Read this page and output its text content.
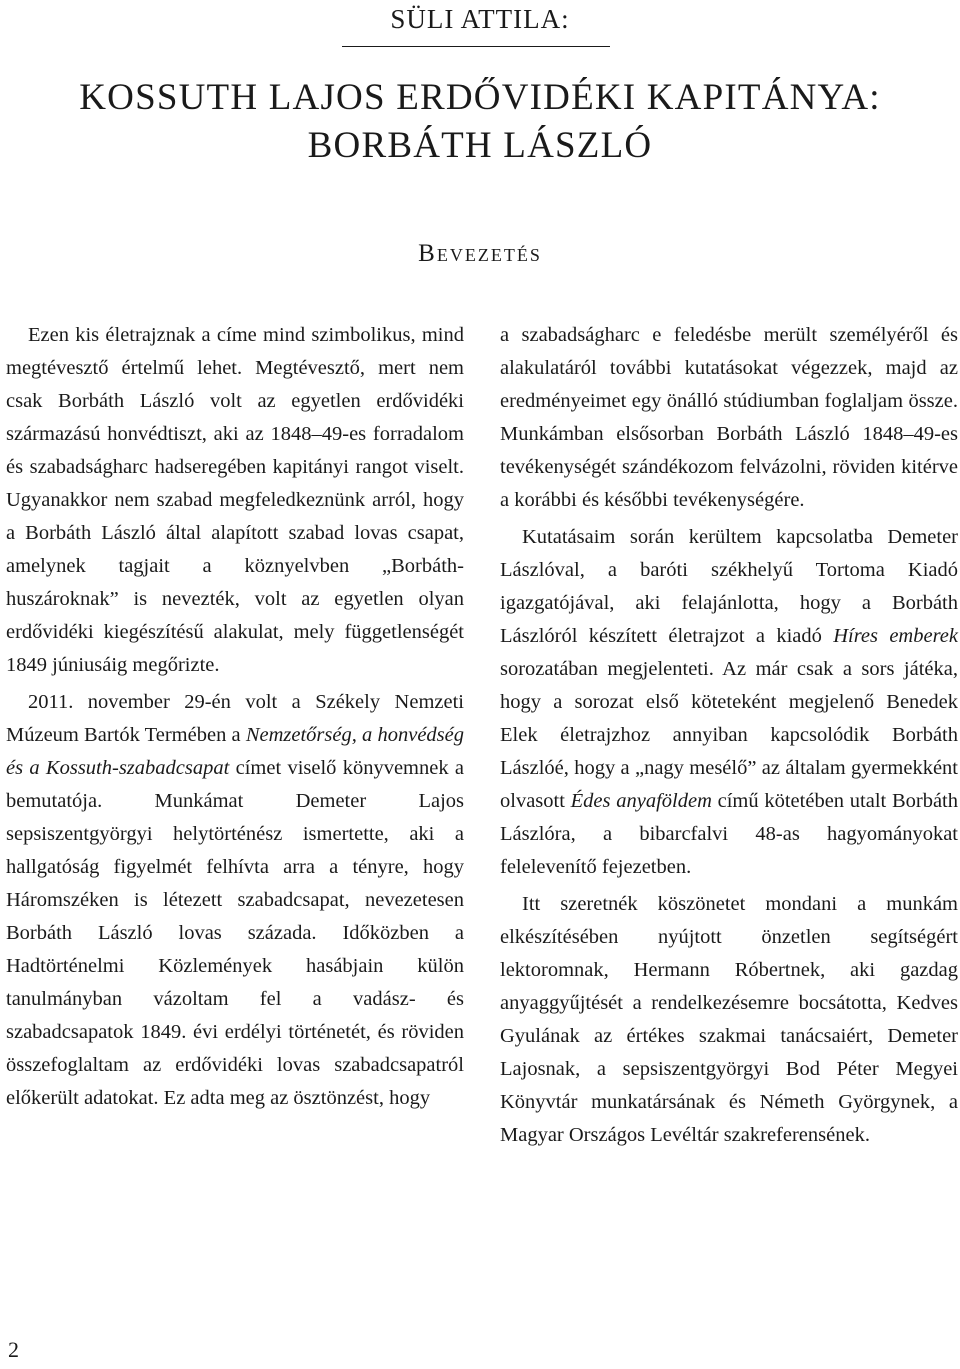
SÜLI ATTILA:
KOSSUTH LAJOS ERDŐVIDÉKI KAPITÁNYA:
BORBÁTH LÁSZLÓ
Bevezetés

Ezen kis életrajznak a címe mind szimbolikus, mind megtévesztő értelmű lehet. Megtévesztő, mert nem csak Borbáth László volt az egyetlen erdővidéki származású honvédtiszt, aki az 1848–49-es forradalom és szabadságharc hadseregében kapitányi rangot viselt. Ugyanakkor nem szabad megfeledkeznünk arról, hogy a Borbáth László által alapított szabad lovas csapat, amelynek tagjait a köznyelvben „Borbáth-huszároknak” is nevezték, volt az egyetlen olyan erdővidéki kiegészítésű alakulat, mely függetlenségét 1849 júniusáig megőrizte.

2011. november 29-én volt a Székely Nemzeti Múzeum Bartók Termében a Nemzetőrség, a honvédség és a Kossuth-szabadcsapat címet viselő könyvemnek a bemutatója. Munkámat Demeter Lajos sepsiszentgyörgyi helytörténész ismertette, aki a hallgatóság figyelmét felhívta arra a tényre, hogy Háromszéken is létezett szabadcsapat, nevezetesen Borbáth László lovas százada. Időközben a Hadtörténelmi Közlemények hasábjain külön tanulmányban vázoltam fel a vadász- és szabadcsapatok 1849. évi erdélyi történetét, és röviden összefoglaltam az erdővidéki lovas szabadcsapatról előkerült adatokat. Ez adta meg az ösztönzést, hogy

a szabadságharc e feledésbe merült személyéről és alakulatáról további kutatásokat végezzek, majd az eredményeimet egy önálló stúdiumban foglaljam össze. Munkámban elsősorban Borbáth László 1848–49-es tevékenységét szándékozom felvázolni, röviden kitérve a korábbi és későbbi tevékenységére.

Kutatásaim során kerültem kapcsolatba Demeter Lászlóval, a baróti székhelyű Tortoma Kiadó igazgatójával, aki felajánlotta, hogy a Borbáth Lászlóról készített életrajzot a kiadó Híres emberek sorozatában megjelenteti. Az már csak a sors játéka, hogy a sorozat első köteteként megjelenő Benedek Elek életrajzhoz annyiban kapcsolódik Borbáth Lászlóé, hogy a „nagy mesélő” az általam gyermekként olvasott Édes anyaföldem című kötetében utalt Borbáth Lászlóra, a bibarcfalvi 48-as hagyományokat felelevenítő fejezetben.

Itt szeretnék köszönetet mondani a munkám elkészítésében nyújtott önzetlen segítségért lektoromnak, Hermann Róbertnek, aki gazdag anyaggyűjtését a rendelkezésemre bocsátotta, Kedves Gyulának az értékes szakmai tanácsaiért, Demeter Lajosnak, a sepsiszentgyörgyi Bod Péter Megyei Könyvtár munkatársának és Németh Györgynek, a Magyar Országos Levéltár szakreferensének.

2
